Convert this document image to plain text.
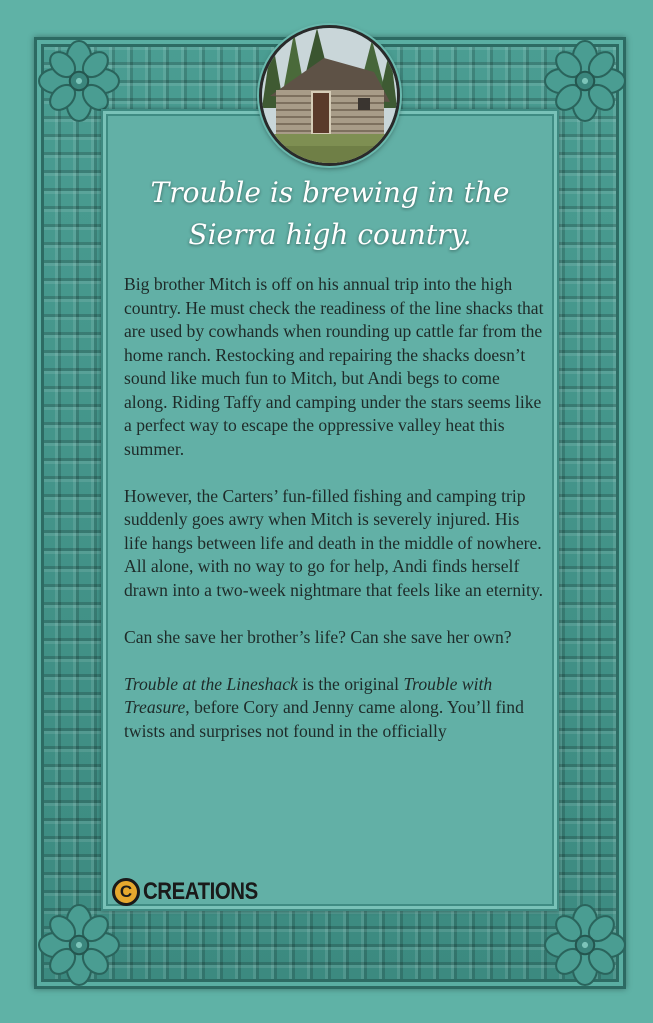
Trouble is brewing in the
Sierra high country.

Big brother Mitch is off on his annual trip into the high country. He must check the readiness of the line shacks that are used by cowhands when rounding up cattle far from the home ranch. Restocking and repairing the shacks doesn’t sound like much fun to Mitch, but Andi begs to come along. Riding Taffy and camping under the stars seems like a perfect way to escape the oppressive valley heat this summer.

However, the Carters’ fun-filled fishing and camping trip suddenly goes awry when Mitch is severely injured. His life hangs between life and death in the middle of nowhere. All alone, with no way to go for help, Andi finds herself drawn into a two-week nightmare that feels like an eternity.

Can she save her brother’s life? Can she save her own?

Trouble at the Lineshack is the original Trouble with Treasure, before Cory and Jenny came along. You’ll find twists and surprises not found in the officially

C CREATIONS
